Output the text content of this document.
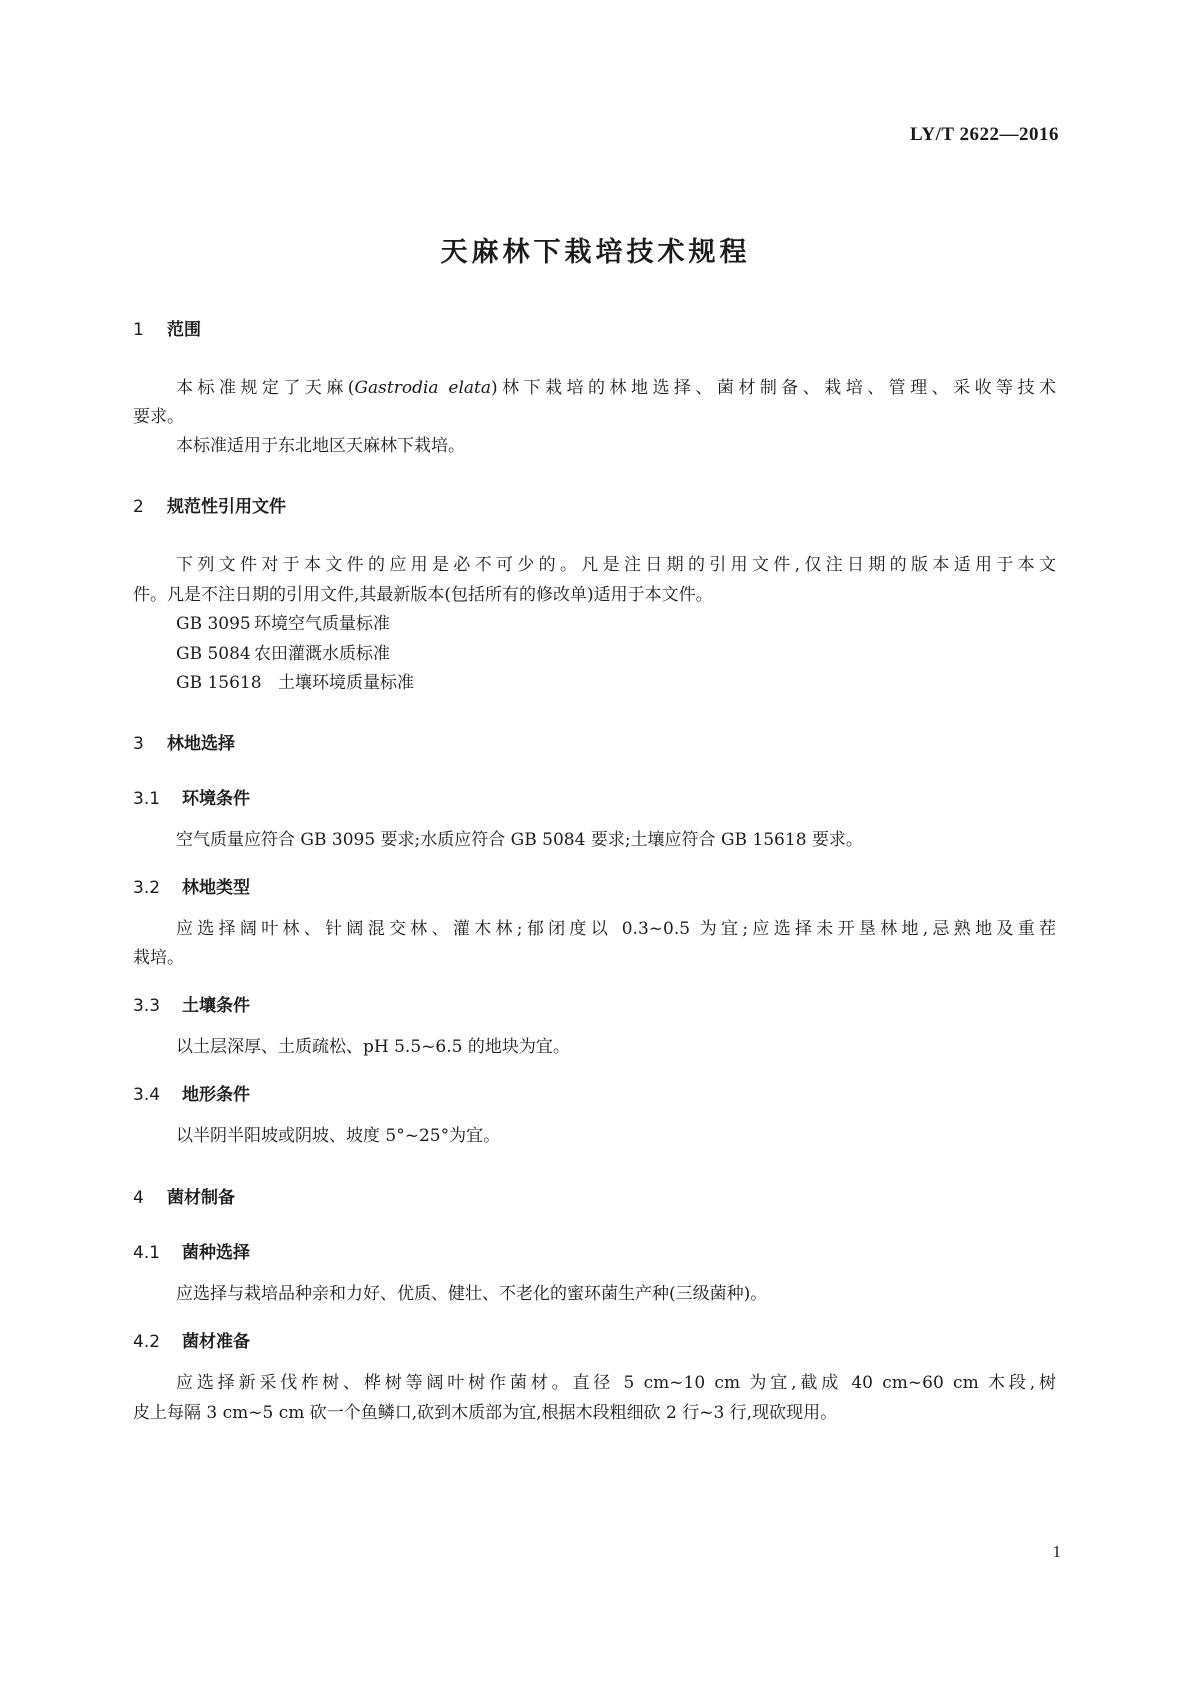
LY/T 2622—2016
天麻林下栽培技术规程
1 范围
本标准规定了天麻(Gastrodia elata)林下栽培的林地选择、菌材制备、栽培、管理、采收等技术
要求。
本标准适用于东北地区天麻林下栽培。
2 规范性引用文件
下列文件对于本文件的应用是必不可少的。凡是注日期的引用文件,仅注日期的版本适用于本文
件。凡是不注日期的引用文件,其最新版本(包括所有的修改单)适用于本文件。
GB 3095 环境空气质量标准
GB 5084 农田灌溉水质标准
GB 15618 土壤环境质量标准
3 林地选择
3.1 环境条件
空气质量应符合 GB 3095 要求;水质应符合 GB 5084 要求;土壤应符合 GB 15618 要求。
3.2 林地类型
应选择阔叶林、针阔混交林、灌木林;郁闭度以 0.3~0.5 为宜;应选择未开垦林地,忌熟地及重茬
栽培。
3.3 土壤条件
以土层深厚、土质疏松、pH 5.5~6.5 的地块为宜。
3.4 地形条件
以半阴半阳坡或阴坡、坡度 5°~25°为宜。
4 菌材制备
4.1 菌种选择
应选择与栽培品种亲和力好、优质、健壮、不老化的蜜环菌生产种(三级菌种)。
4.2 菌材准备
应选择新采伐柞树、桦树等阔叶树作菌材。直径 5 cm~10 cm 为宜,截成 40 cm~60 cm 木段,树
皮上每隔 3 cm~5 cm 砍一个鱼鳞口,砍到木质部为宜,根据木段粗细砍 2 行~3 行,现砍现用。
1
